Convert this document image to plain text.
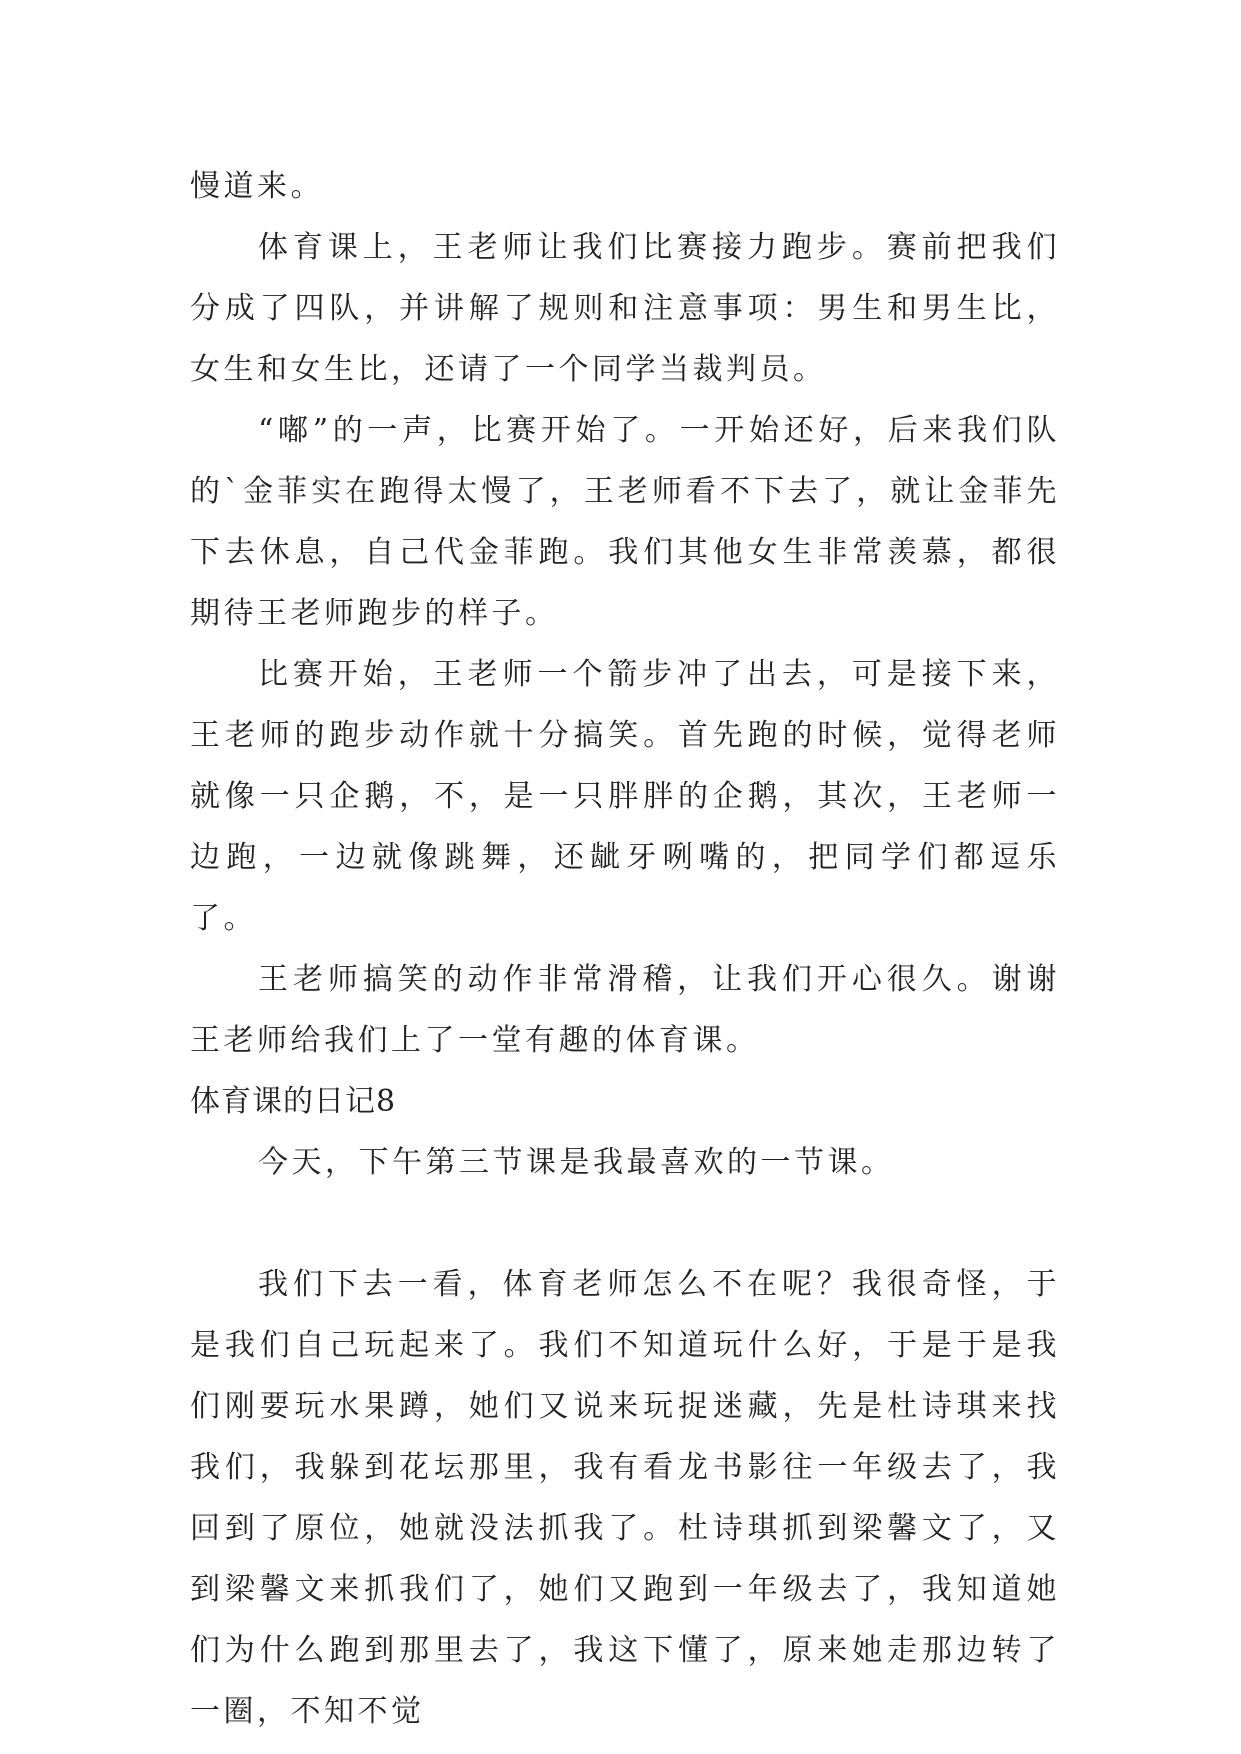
慢道来。

体育课上，王老师让我们比赛接力跑步。赛前把我们分成了四队，并讲解了规则和注意事项：男生和男生比，女生和女生比，还请了一个同学当裁判员。

“嘟”的一声，比赛开始了。一开始还好，后来我们队的`金菲实在跑得太慢了，王老师看不下去了，就让金菲先下去休息，自己代金菲跑。我们其他女生非常羡慕，都很期待王老师跑步的样子。

比赛开始，王老师一个箭步冲了出去，可是接下来，王老师的跑步动作就十分搞笑。首先跑的时候，觉得老师就像一只企鹅，不，是一只胖胖的企鹅，其次，王老师一边跑，一边就像跳舞，还龇牙咧嘴的，把同学们都逗乐了。

王老师搞笑的动作非常滑稽，让我们开心很久。谢谢王老师给我们上了一堂有趣的体育课。

体育课的日记8

今天，下午第三节课是我最喜欢的一节课。

我们下去一看，体育老师怎么不在呢？我很奇怪，于是我们自己玩起来了。我们不知道玩什么好，于是于是我们刚要玩水果蹲，她们又说来玩捉迷藏，先是杜诗琪来找我们，我躲到花坛那里，我有看龙书影往一年级去了，我回到了原位，她就没法抓我了。杜诗琪抓到梁馨文了，又到梁馨文来抓我们了，她们又跑到一年级去了，我知道她们为什么跑到那里去了，我这下懂了，原来她走那边转了一圈，不知不觉
